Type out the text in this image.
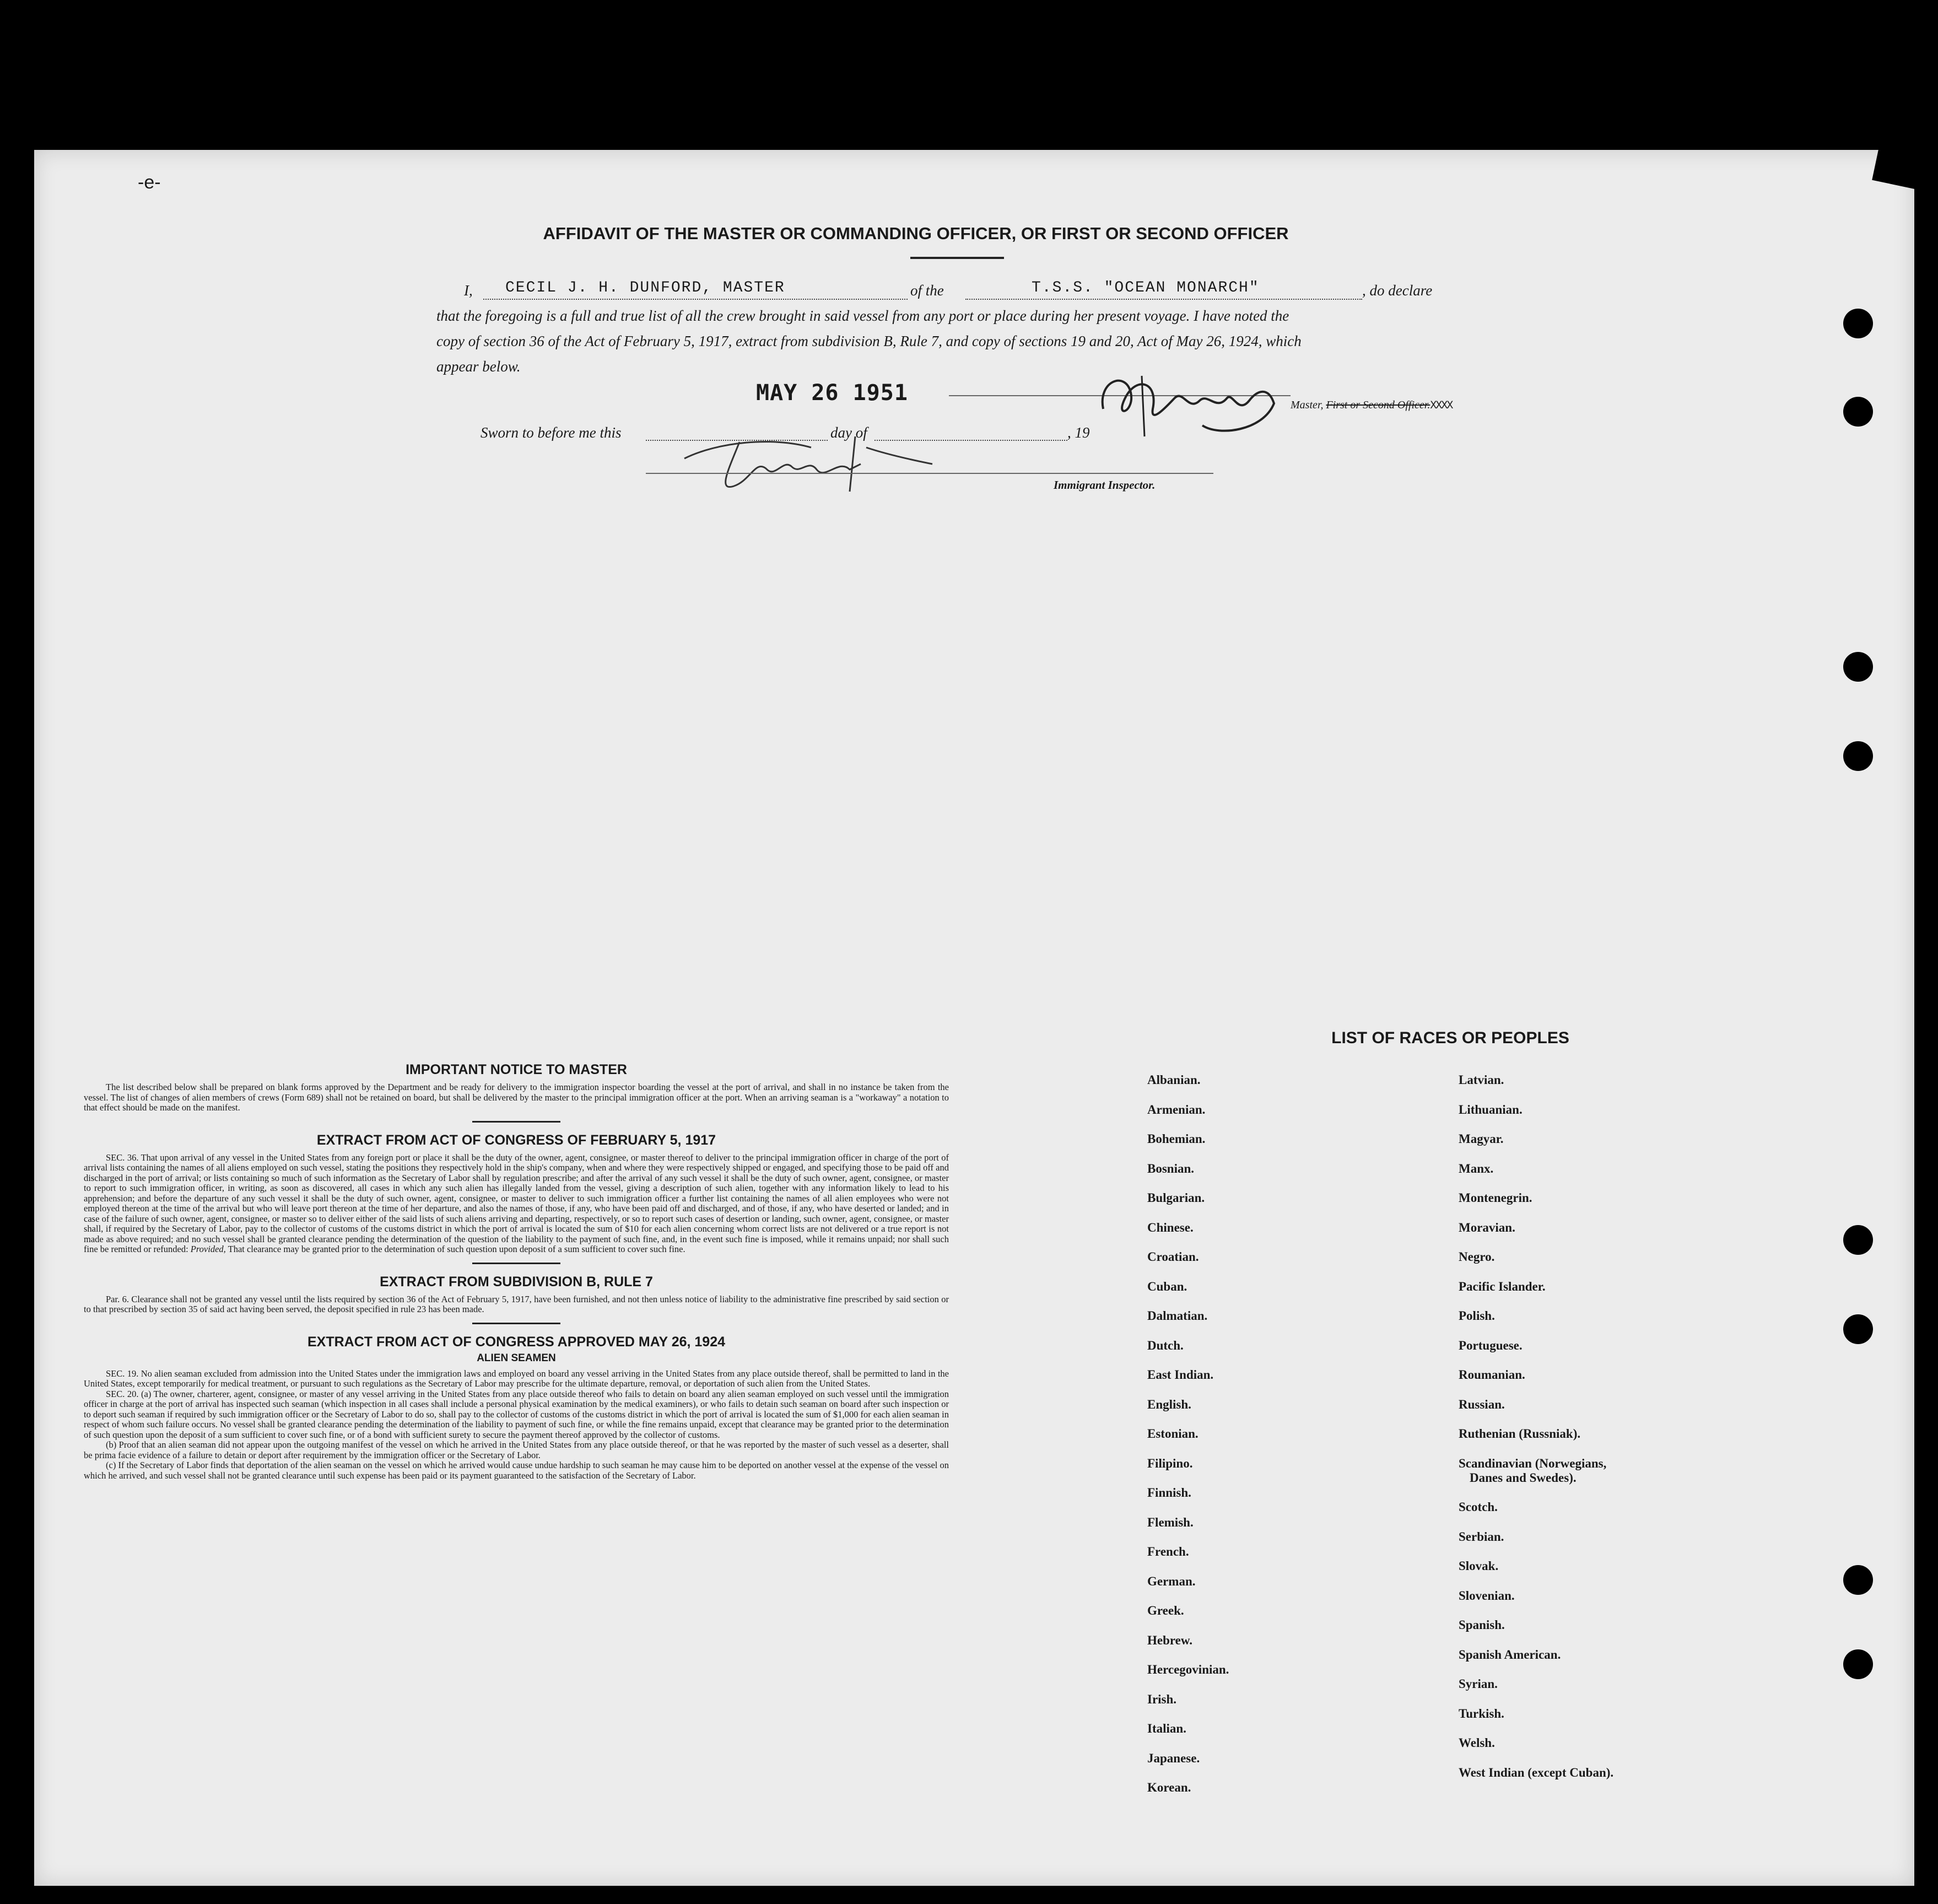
-e-
AFFIDAVIT OF THE MASTER OR COMMANDING OFFICER, OR FIRST OR SECOND OFFICER
I, CECIL J. H. DUNFORD, MASTER	of the	T.S.S. "OCEAN MONARCH"	, do declare
that the foregoing is a full and true list of all the crew brought in said vessel from any port or place during her present voyage. I have noted the
copy of section 36 of the Act of February 5, 1917, extract from subdivision B, Rule 7, and copy of sections 19 and 20, Act of May 26, 1924, which
appear below.
MAY 26 1951	Master, First or Second Officer.XXXX
Sworn to before me this	day of	, 19
Immigrant Inspector.
IMPORTANT NOTICE TO MASTER

The list described below shall be prepared on blank forms approved by the Department and be ready for delivery to the immigration inspector boarding the vessel at the port of arrival, and shall in no instance be taken from the vessel. The list of changes of alien members of crews (Form 689) shall not be retained on board, but shall be delivered by the master to the principal immigration officer at the port. When an arriving seaman is a "workaway" a notation to that effect should be made on the manifest.

EXTRACT FROM ACT OF CONGRESS OF FEBRUARY 5, 1917

SEC. 36. That upon arrival of any vessel in the United States from any foreign port or place it shall be the duty of the owner, agent, consignee, or master thereof to deliver to the principal immigration officer in charge of the port of arrival lists containing the names of all aliens employed on such vessel, stating the positions they respectively hold in the ship's company, when and where they were respectively shipped or engaged, and specifying those to be paid off and discharged in the port of arrival; or lists containing so much of such information as the Secretary of Labor shall by regulation prescribe; and after the arrival of any such vessel it shall be the duty of such owner, agent, consignee, or master to report to such immigration officer, in writing, as soon as discovered, all cases in which any such alien has illegally landed from the vessel, giving a description of such alien, together with any information likely to lead to his apprehension; and before the departure of any such vessel it shall be the duty of such owner, agent, consignee, or master to deliver to such immigration officer a further list containing the names of all alien employees who were not employed thereon at the time of the arrival but who will leave port thereon at the time of her departure, and also the names of those, if any, who have been paid off and discharged, and of those, if any, who have deserted or landed; and in case of the failure of such owner, agent, consignee, or master so to deliver either of the said lists of such aliens arriving and departing, respectively, or so to report such cases of desertion or landing, such owner, agent, consignee, or master shall, if required by the Secretary of Labor, pay to the collector of customs of the customs district in which the port of arrival is located the sum of $10 for each alien concerning whom correct lists are not delivered or a true report is not made as above required; and no such vessel shall be granted clearance pending the determination of the question of the liability to the payment of such fine, and, in the event such fine is imposed, while it remains unpaid; nor shall such fine be remitted or refunded: Provided, That clearance may be granted prior to the determination of such question upon deposit of a sum sufficient to cover such fine.

EXTRACT FROM SUBDIVISION B, RULE 7

Par. 6. Clearance shall not be granted any vessel until the lists required by section 36 of the Act of February 5, 1917, have been furnished, and not then unless notice of liability to the administrative fine prescribed by said section or to that prescribed by section 35 of said act having been served, the deposit specified in rule 23 has been made.

EXTRACT FROM ACT OF CONGRESS APPROVED MAY 26, 1924
ALIEN SEAMEN

SEC. 19. No alien seaman excluded from admission into the United States under the immigration laws and employed on board any vessel arriving in the United States from any place outside thereof, shall be permitted to land in the United States, except temporarily for medical treatment, or pursuant to such regulations as the Secretary of Labor may prescribe for the ultimate departure, removal, or deportation of such alien from the United States.

SEC. 20. (a) The owner, charterer, agent, consignee, or master of any vessel arriving in the United States from any place outside thereof who fails to detain on board any alien seaman employed on such vessel until the immigration officer in charge at the port of arrival has inspected such seaman (which inspection in all cases shall include a personal physical examination by the medical examiners), or who fails to detain such seaman on board after such inspection or to deport such seaman if required by such immigration officer or the Secretary of Labor to do so, shall pay to the collector of customs of the customs district in which the port of arrival is located the sum of $1,000 for each alien seaman in respect of whom such failure occurs. No vessel shall be granted clearance pending the determination of the liability to payment of such fine, or while the fine remains unpaid, except that clearance may be granted prior to the determination of such question upon the deposit of a sum sufficient to cover such fine, or of a bond with sufficient surety to secure the payment thereof approved by the collector of customs.

(b) Proof that an alien seaman did not appear upon the outgoing manifest of the vessel on which he arrived in the United States from any place outside thereof, or that he was reported by the master of such vessel as a deserter, shall be prima facie evidence of a failure to detain or deport after requirement by the immigration officer or the Secretary of Labor.

(c) If the Secretary of Labor finds that deportation of the alien seaman on the vessel on which he arrived would cause undue hardship to such seaman he may cause him to be deported on another vessel at the expense of the vessel on which he arrived, and such vessel shall not be granted clearance until such expense has been paid or its payment guaranteed to the satisfaction of the Secretary of Labor.

LIST OF RACES OR PEOPLES
Albanian.
Armenian.
Bohemian.
Bosnian.
Bulgarian.
Chinese.
Croatian.
Cuban.
Dalmatian.
Dutch.
East Indian.
English.
Estonian.
Filipino.
Finnish.
Flemish.
French.
German.
Greek.
Hebrew.
Hercegovinian.
Irish.
Italian.
Japanese.
Korean.
Latvian.
Lithuanian.
Magyar.
Manx.
Montenegrin.
Moravian.
Negro.
Pacific Islander.
Polish.
Portuguese.
Roumanian.
Russian.
Ruthenian (Russniak).
Scandinavian (Norwegians,
Danes and Swedes).
Scotch.
Serbian.
Slovak.
Slovenian.
Spanish.
Spanish American.
Syrian.
Turkish.
Welsh.
West Indian (except Cuban).
